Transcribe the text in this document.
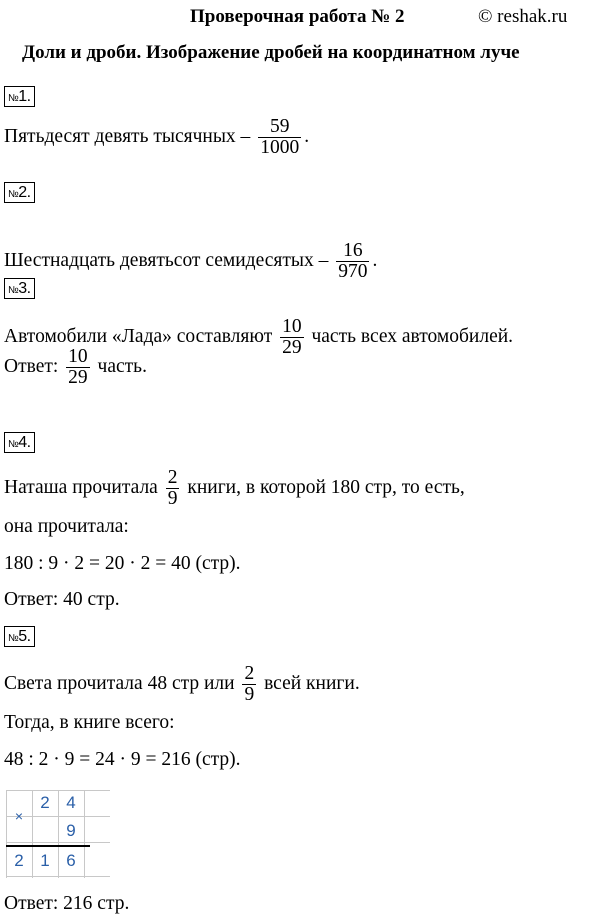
Проверочная работа № 2	© reshak.ru
Доли и дроби. Изображение дробей на координатном луче
№1.
Пятьдесят девять тысячных – $\frac{59}{1000}$ .
№2.
Шестнадцать девятьсот семидесятых – $\frac{16}{970}$ .
№3.
Автомобили «Лада» составляют $\frac{10}{29}$ часть всех автомобилей.
Ответ: $\frac{10}{29}$ часть.
№4.
Наташа прочитала $\frac{2}{9}$ книги, в которой 180 стр, то есть,
она прочитала:
180 : 9 · 2 = 20 · 2 = 40 (стр).
Ответ: 40 стр.
№5.
Света прочитала 48 стр или $\frac{2}{9}$ всей книги.
Тогда, в книге всего:
48 : 2 · 9 = 24 · 9 = 216 (стр).
×
2 4
9
2 1 6
Ответ: 216 стр.
